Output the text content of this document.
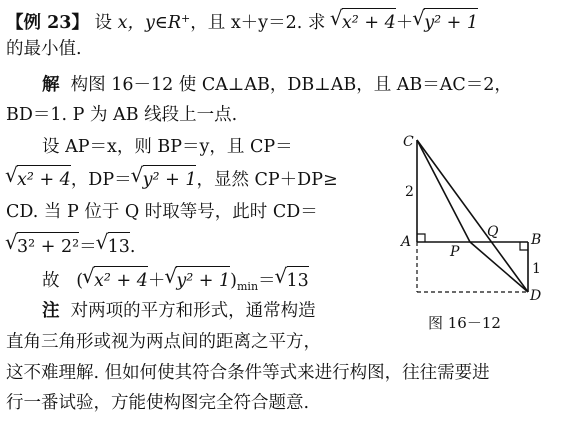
【例 23】 设 x，y∈R+，且 x＋y＝2. 求 √ x² + 4＋√ y² + 1
的最小值.
解 构图 16－12 使 CA⊥AB，DB⊥AB，且 AB＝AC＝2，
BD＝1. P 为 AB 线段上一点.
设 AP＝x，则 BP＝y，且 CP＝
√ x² + 4，DP＝√ y² + 1，显然 CP＋DP≥
CD. 当 P 位于 Q 时取等号，此时 CD＝
√ 3² + 2²＝√ 13.
故 (√ x² + 4＋√ $y^2 + 1)_{min}=√$ 13
注 对两项的平方和形式，通常构造
直角三角形或视为两点间的距离之平方，
这不难理解. 但如何使其符合条件等式来进行构图，往往需要进
行一番试验，方能使构图完全符合题意.
C
2
A
P
Q B
1
D
图 16－12
